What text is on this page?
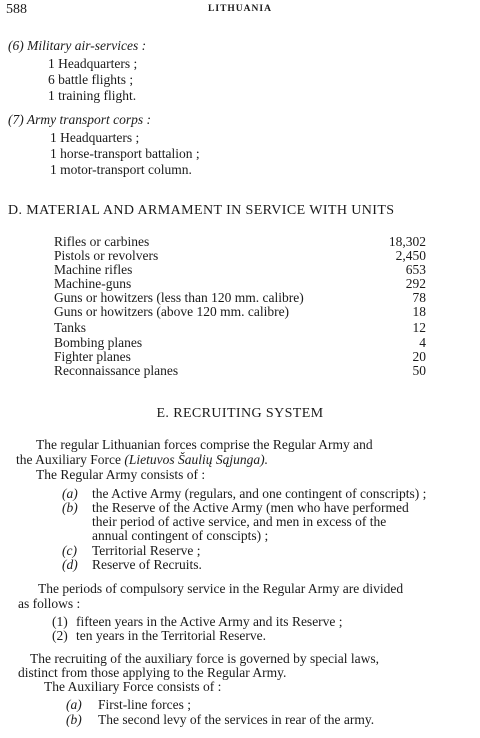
588	LITHUANIA
(6) Military air-services :
1 Headquarters ;
6 battle flights ;
1 training flight.
(7) Army transport corps :
1 Headquarters ;
1 horse-transport battalion ;
1 motor-transport column.
D. MATERIAL AND ARMAMENT IN SERVICE WITH UNITS
Rifles or carbines	18,302
Pistols or revolvers	2,450
Machine rifles	653
Machine-guns	292
Guns or howitzers (less than 120 mm. calibre)	78
Guns or howitzers (above 120 mm. calibre)	18
Tanks	12
Bombing planes	4
Fighter planes	20
Reconnaissance planes	50
E. RECRUITING SYSTEM
The regular Lithuanian forces comprise the Regular Army and
the Auxiliary Force (Lietuvos Šaulių Sąjunga).
The Regular Army consists of :
(a) the Active Army (regulars, and one contingent of conscripts) ;
(b) the Reserve of the Active Army (men who have performed
their period of active service, and men in excess of the
annual contingent of conscipts) ;
(c) Territorial Reserve ;
(d) Reserve of Recruits.
The periods of compulsory service in the Regular Army are divided
as follows :
(1) fifteen years in the Active Army and its Reserve ;
(2) ten years in the Territorial Reserve.
The recruiting of the auxiliary force is governed by special laws,
distinct from those applying to the Regular Army.
The Auxiliary Force consists of :
(a) First-line forces ;
(b) The second levy of the services in rear of the army.
